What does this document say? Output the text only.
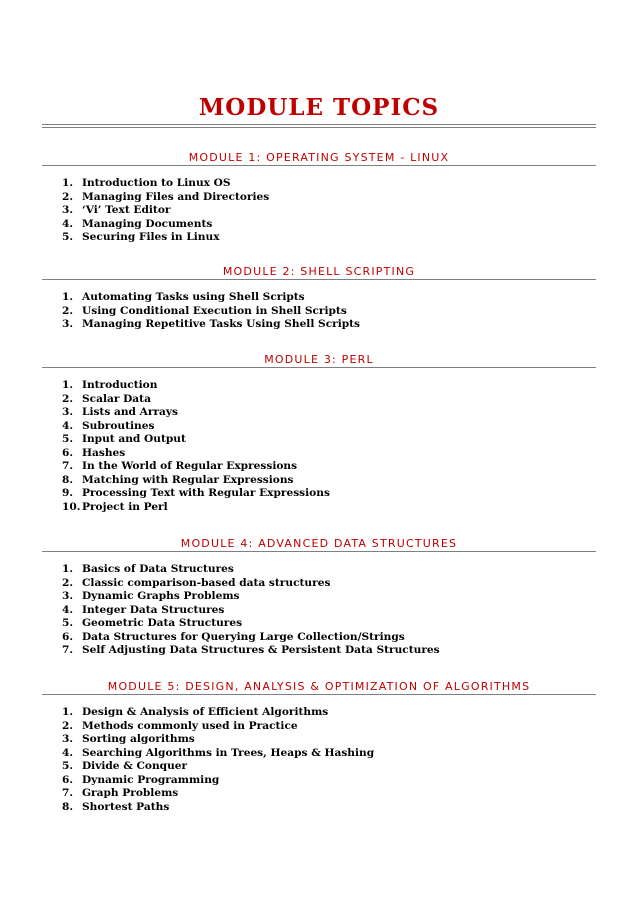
MODULE TOPICS
MODULE 1: OPERATING SYSTEM - LINUX
1. Introduction to Linux OS
2. Managing Files and Directories
3. ‘Vi’ Text Editor
4. Managing Documents
5. Securing Files in Linux
MODULE 2: SHELL SCRIPTING
1. Automating Tasks using Shell Scripts
2. Using Conditional Execution in Shell Scripts
3. Managing Repetitive Tasks Using Shell Scripts
MODULE 3: PERL
1. Introduction
2. Scalar Data
3. Lists and Arrays
4. Subroutines
5. Input and Output
6. Hashes
7. In the World of Regular Expressions
8. Matching with Regular Expressions
9. Processing Text with Regular Expressions
10. Project in Perl
MODULE 4: ADVANCED DATA STRUCTURES
1. Basics of Data Structures
2. Classic comparison-based data structures
3. Dynamic Graphs Problems
4. Integer Data Structures
5. Geometric Data Structures
6. Data Structures for Querying Large Collection/Strings
7. Self Adjusting Data Structures & Persistent Data Structures
MODULE 5: DESIGN, ANALYSIS & OPTIMIZATION OF ALGORITHMS
1. Design & Analysis of Efficient Algorithms
2. Methods commonly used in Practice
3. Sorting algorithms
4. Searching Algorithms in Trees, Heaps & Hashing
5. Divide & Conquer
6. Dynamic Programming
7. Graph Problems
8. Shortest Paths
